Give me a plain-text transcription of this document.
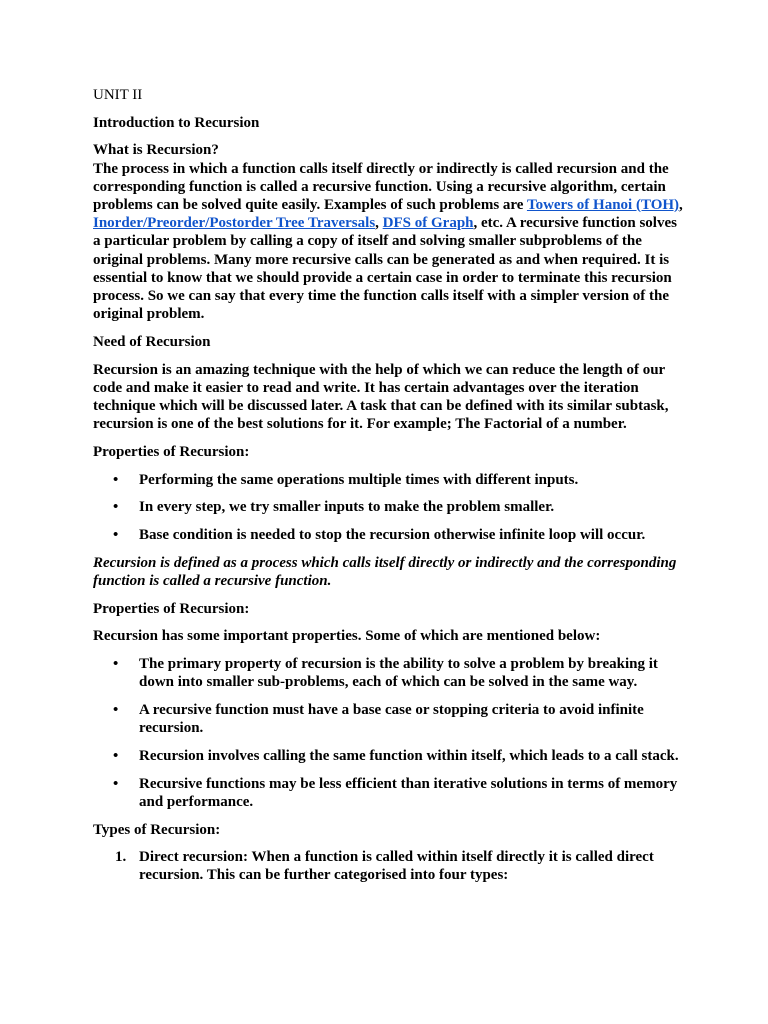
UNIT II

Introduction to Recursion

What is Recursion?

The process in which a function calls itself directly or indirectly is called recursion and the corresponding function is called a recursive function. Using a recursive algorithm, certain problems can be solved quite easily. Examples of such problems are Towers of Hanoi (TOH), Inorder/Preorder/Postorder Tree Traversals, DFS of Graph, etc. A recursive function solves a particular problem by calling a copy of itself and solving smaller subproblems of the original problems. Many more recursive calls can be generated as and when required. It is essential to know that we should provide a certain case in order to terminate this recursion process. So we can say that every time the function calls itself with a simpler version of the original problem.

Need of Recursion

Recursion is an amazing technique with the help of which we can reduce the length of our code and make it easier to read and write. It has certain advantages over the iteration technique which will be discussed later. A task that can be defined with its similar subtask, recursion is one of the best solutions for it. For example; The Factorial of a number.

Properties of Recursion:

• Performing the same operations multiple times with different inputs.
• In every step, we try smaller inputs to make the problem smaller.
• Base condition is needed to stop the recursion otherwise infinite loop will occur.

Recursion is defined as a process which calls itself directly or indirectly and the corresponding function is called a recursive function.

Properties of Recursion:

Recursion has some important properties. Some of which are mentioned below:

• The primary property of recursion is the ability to solve a problem by breaking it down into smaller sub-problems, each of which can be solved in the same way.
• A recursive function must have a base case or stopping criteria to avoid infinite recursion.
• Recursion involves calling the same function within itself, which leads to a call stack.
• Recursive functions may be less efficient than iterative solutions in terms of memory and performance.

Types of Recursion:

1. Direct recursion: When a function is called within itself directly it is called direct recursion. This can be further categorised into four types:
